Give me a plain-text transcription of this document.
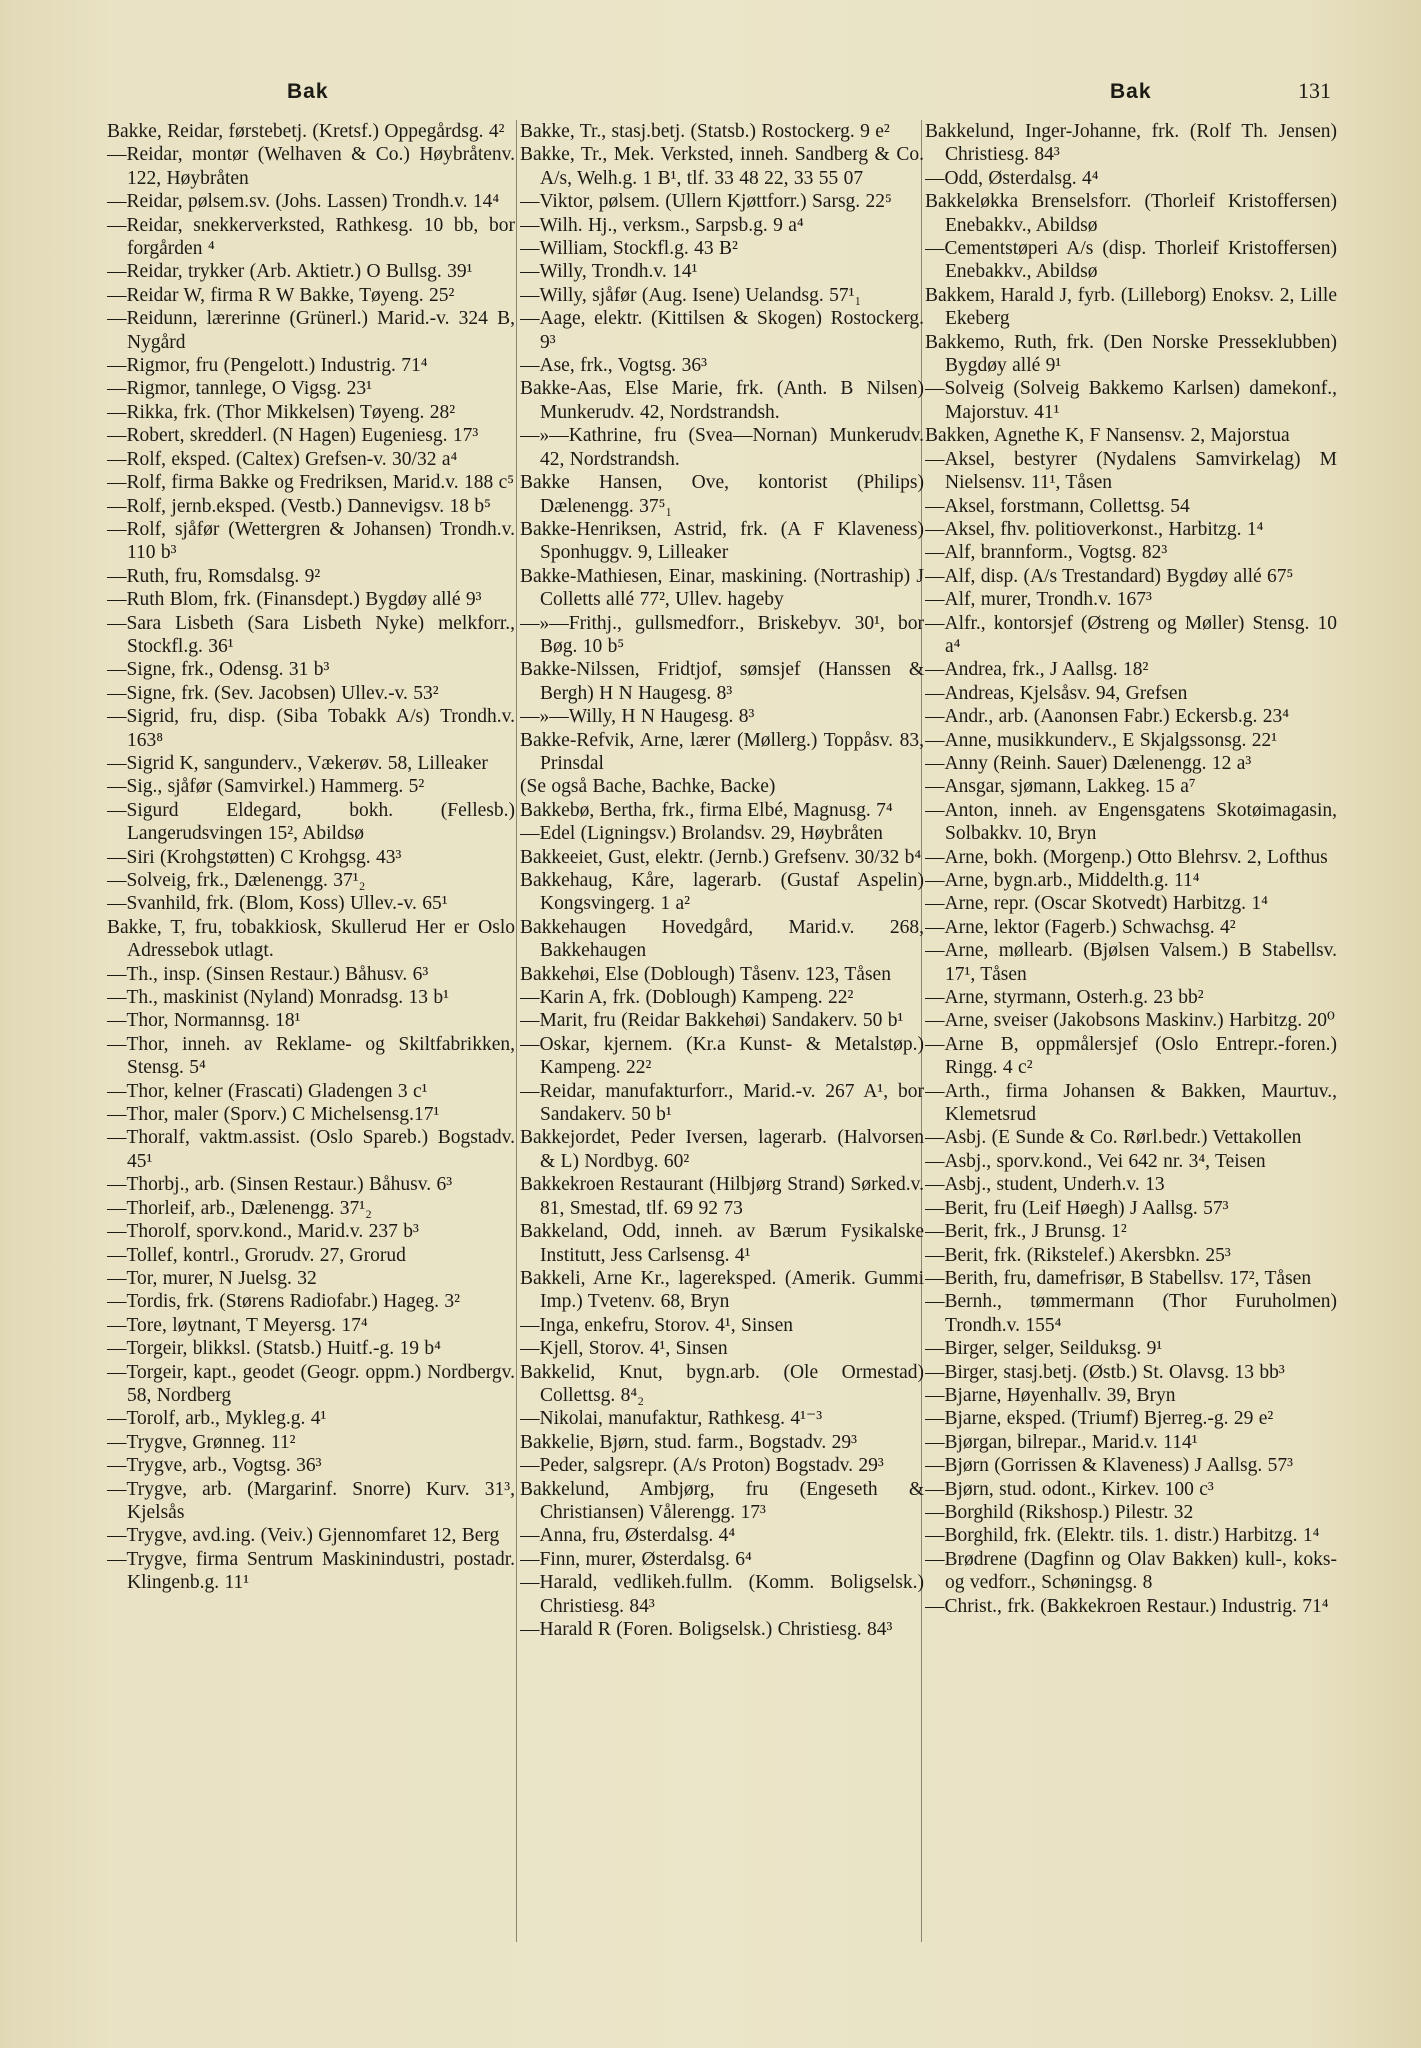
Bak	Bak	131
Bakke, Reidar, førstebetj. (Kretsf.) Oppegårdsg. 4²
—Reidar, montør (Welhaven & Co.) Høybråtenv. 122, Høybråten
—Reidar, pølsem.sv. (Johs. Lassen) Trondh.v. 14⁴
—Reidar, snekkerverksted, Rathkesg. 10 bb, bor forgården ⁴
—Reidar, trykker (Arb. Aktietr.) O Bullsg. 39¹
—Reidar W, firma R W Bakke, Tøyeng. 25²
—Reidunn, lærerinne (Grünerl.) Marid.-v. 324 B, Nygård
—Rigmor, fru (Pengelott.) Industrig. 71⁴
—Rigmor, tannlege, O Vigsg. 23¹
—Rikka, frk. (Thor Mikkelsen) Tøyeng. 28²
—Robert, skredderl. (N Hagen) Eugeniesg. 17³
—Rolf, eksped. (Caltex) Grefsen-v. 30/32 a⁴
—Rolf, firma Bakke og Fredriksen, Marid.v. 188 c⁵
—Rolf, jernb.eksped. (Vestb.) Dannevigsv. 18 b⁵
—Rolf, sjåfør (Wettergren & Johansen) Trondh.v. 110 b³
—Ruth, fru, Romsdalsg. 9²
—Ruth Blom, frk. (Finansdept.) Bygdøy allé 9³
—Sara Lisbeth (Sara Lisbeth Nyke) melkforr., Stockfl.g. 36¹
—Signe, frk., Odensg. 31 b³
—Signe, frk. (Sev. Jacobsen) Ullev.-v. 53²
—Sigrid, fru, disp. (Siba Tobakk A/s) Trondh.v. 163⁸
—Sigrid K, sangunderv., Vækerøv. 58, Lilleaker
—Sig., sjåfør (Samvirkel.) Hammerg. 5²
—Sigurd Eldegard, bokh. (Fellesb.) Langerudsvingen 15², Abildsø
—Siri (Krohgstøtten) C Krohgsg. 43³
—Solveig, frk., Dælenengg. 37¹₂
—Svanhild, frk. (Blom, Koss) Ullev.-v. 65¹
Bakke, T, fru, tobakkiosk, Skullerud Her er Oslo Adressebok utlagt.
—Th., insp. (Sinsen Restaur.) Båhusv. 6³
—Th., maskinist (Nyland) Monradsg. 13 b¹
—Thor, Normannsg. 18¹
—Thor, inneh. av Reklame- og Skiltfabrikken, Stensg. 5⁴
—Thor, kelner (Frascati) Gladengen 3 c¹
—Thor, maler (Sporv.) C Michelsensg.17¹
—Thoralf, vaktm.assist. (Oslo Spareb.) Bogstadv. 45¹
—Thorbj., arb. (Sinsen Restaur.) Båhusv. 6³
—Thorleif, arb., Dælenengg. 37¹₂
—Thorolf, sporv.kond., Marid.v. 237 b³
—Tollef, kontrl., Grorudv. 27, Grorud
—Tor, murer, N Juelsg. 32
—Tordis, frk. (Størens Radiofabr.) Hageg. 3²
—Tore, løytnant, T Meyersg. 17⁴
—Torgeir, blikksl. (Statsb.) Huitf.-g. 19 b⁴
—Torgeir, kapt., geodet (Geogr. oppm.) Nordbergv. 58, Nordberg
—Torolf, arb., Mykleg.g. 4¹
—Trygve, Grønneg. 11²
—Trygve, arb., Vogtsg. 36³
—Trygve, arb. (Margarinf. Snorre) Kurv. 31³, Kjelsås
—Trygve, avd.ing. (Veiv.) Gjennomfaret 12, Berg
—Trygve, firma Sentrum Maskinindustri, postadr. Klingenb.g. 11¹
Bakke, Tr., stasj.betj. (Statsb.) Rostockerg. 9 e²
Bakke, Tr., Mek. Verksted, inneh. Sandberg & Co. A/s, Welh.g. 1 B¹, tlf. 33 48 22, 33 55 07
—Viktor, pølsem. (Ullern Kjøttforr.) Sarsg. 22⁵
—Wilh. Hj., verksm., Sarpsb.g. 9 a⁴
—William, Stockfl.g. 43 B²
—Willy, Trondh.v. 14¹
—Willy, sjåfør (Aug. Isene) Uelandsg. 57¹₁
—Aage, elektr. (Kittilsen & Skogen) Rostockerg. 9³
—Ase, frk., Vogtsg. 36³
Bakke-Aas, Else Marie, frk. (Anth. B Nilsen) Munkerudv. 42, Nordstrandsh.
—»—Kathrine, fru (Svea—Nornan) Munkerudv. 42, Nordstrandsh.
Bakke Hansen, Ove, kontorist (Philips) Dælenengg. 37⁵₁
Bakke-Henriksen, Astrid, frk. (A F Klaveness) Sponhuggv. 9, Lilleaker
Bakke-Mathiesen, Einar, maskining. (Nortraship) J Colletts allé 77², Ullev. hageby
—»—Frithj., gullsmedforr., Briskebyv. 30¹, bor Bøg. 10 b⁵
Bakke-Nilssen, Fridtjof, sømsjef (Hanssen & Bergh) H N Haugesg. 8³
—»—Willy, H N Haugesg. 8³
Bakke-Refvik, Arne, lærer (Møllerg.) Toppåsv. 83, Prinsdal
(Se også Bache, Bachke, Backe)
Bakkebø, Bertha, frk., firma Elbé, Magnusg. 7⁴
—Edel (Ligningsv.) Brolandsv. 29, Høybråten
Bakkeeiet, Gust, elektr. (Jernb.) Grefsenv. 30/32 b⁴
Bakkehaug, Kåre, lagerarb. (Gustaf Aspelin) Kongsvingerg. 1 a²
Bakkehaugen Hovedgård, Marid.v. 268, Bakkehaugen
Bakkehøi, Else (Doblough) Tåsenv. 123, Tåsen
—Karin A, frk. (Doblough) Kampeng. 22²
—Marit, fru (Reidar Bakkehøi) Sandakerv. 50 b¹
—Oskar, kjernem. (Kr.a Kunst- & Metalstøp.) Kampeng. 22²
—Reidar, manufakturforr., Marid.-v. 267 A¹, bor Sandakerv. 50 b¹
Bakkejordet, Peder Iversen, lagerarb. (Halvorsen & L) Nordbyg. 60²
Bakkekroen Restaurant (Hilbjørg Strand) Sørked.v. 81, Smestad, tlf. 69 92 73
Bakkeland, Odd, inneh. av Bærum Fysikalske Institutt, Jess Carlsenѕg. 4¹
Bakkeli, Arne Kr., lagereksped. (Amerik. Gummi Imp.) Tvetenv. 68, Bryn
—Inga, enkefru, Storov. 4¹, Sinsen
—Kjell, Storov. 4¹, Sinsen
Bakkelid, Knut, bygn.arb. (Ole Ormestad) Collettsg. 8⁴₂
—Nikolai, manufaktur, Rathkesg. 4¹⁻³
Bakkelie, Bjørn, stud. farm., Bogstadv. 29³
—Peder, salgsrepr. (A/s Proton) Bogstadv. 29³
Bakkelund, Ambjørg, fru (Engeseth & Christiansen) Vålerengg. 17³
—Anna, fru, Østerdalsg. 4⁴
—Finn, murer, Østerdalsg. 6⁴
—Harald, vedlikeh.fullm. (Komm. Boligselsk.) Christiesg. 84³
—Harald R (Foren. Boligselsk.) Christiesg. 84³
Bakkelund, Inger-Johanne, frk. (Rolf Th. Jensen) Christiesg. 84³
—Odd, Østerdalsg. 4⁴
Bakkeløkka Brenselsforr. (Thorleif Kristoffersen) Enebakkv., Abildsø
—Cementstøperi A/s (disp. Thorleif Kristoffersen) Enebakkv., Abildsø
Bakkem, Harald J, fyrb. (Lilleborg) Enoksv. 2, Lille Ekeberg
Bakkemo, Ruth, frk. (Den Norske Presseklubben) Bygdøy allé 9¹
—Solveig (Solveig Bakkemo Karlsen) damekonf., Majorstuv. 41¹
Bakken, Agnethe K, F Nansensv. 2, Majorstua
—Aksel, bestyrer (Nydalens Samvirkelag) M Nielsensv. 11¹, Tåsen
—Aksel, forstmann, Collettsg. 54
—Aksel, fhv. politioverkonst., Harbitzg. 1⁴
—Alf, brannform., Vogtsg. 82³
—Alf, disp. (A/s Trestandard) Bygdøy allé 67⁵
—Alf, murer, Trondh.v. 167³
—Alfr., kontorsjef (Østreng og Møller) Stensg. 10 a⁴
—Andrea, frk., J Aallsg. 18²
—Andreas, Kjelsåsv. 94, Grefsen
—Andr., arb. (Aanonsen Fabr.) Eckersb.g. 23⁴
—Anne, musikkunderv., E Skjalgssonsg. 22¹
—Anny (Reinh. Sauer) Dælenengg. 12 a³
—Ansgar, sjømann, Lakkeg. 15 a⁷
—Anton, inneh. av Engensgatens Skotøimagasin, Solbakkv. 10, Bryn
—Arne, bokh. (Morgenp.) Otto Blehrsv. 2, Lofthus
—Arne, bygn.arb., Middelth.g. 11⁴
—Arne, repr. (Oscar Skotvedt) Harbitzg. 1⁴
—Arne, lektor (Fagerb.) Schwachsg. 4²
—Arne, møllearb. (Bjølsen Valsem.) B Stabellsv. 17¹, Tåsen
—Arne, styrmann, Osterh.g. 23 bb²
—Arne, sveiser (Jakobsons Maskinv.) Harbitzg. 20⁰
—Arne B, oppmålersjef (Oslo Entrepr.-foren.) Ringg. 4 c²
—Arth., firma Johansen & Bakken, Maurtuv., Klemetsrud
—Asbj. (E Sunde & Co. Rørl.bedr.) Vettakollen
—Asbj., sporv.kond., Vei 642 nr. 3⁴, Teisen
—Asbj., student, Underh.v. 13
—Berit, fru (Leif Høegh) J Aallsg. 57³
—Berit, frk., J Brunsg. 1²
—Berit, frk. (Rikstelef.) Akersbkn. 25³
—Berith, fru, damefrisør, B Stabellsv. 17², Tåsen
—Bernh., tømmermann (Thor Furuholmen) Trondh.v. 155⁴
—Birger, selger, Seilduksg. 9¹
—Birger, stasj.betj. (Østb.) St. Olavsg. 13 bb³
—Bjarne, Høyenhallv. 39, Bryn
—Bjarne, eksped. (Triumf) Bjerreg.-g. 29 e²
—Bjørgan, bilrepar., Marid.v. 114¹
—Bjørn (Gorrissen & Klaveness) J Aallsg. 57³
—Bjørn, stud. odont., Kirkev. 100 c³
—Borghild (Rikshosp.) Pilestr. 32
—Borghild, frk. (Elektr. tils. 1. distr.) Harbitzg. 1⁴
—Brødrene (Dagfinn og Olav Bakken) kull-, koks- og vedforr., Schøningsg. 8
—Christ., frk. (Bakkekroen Restaur.) Industrig. 71⁴
